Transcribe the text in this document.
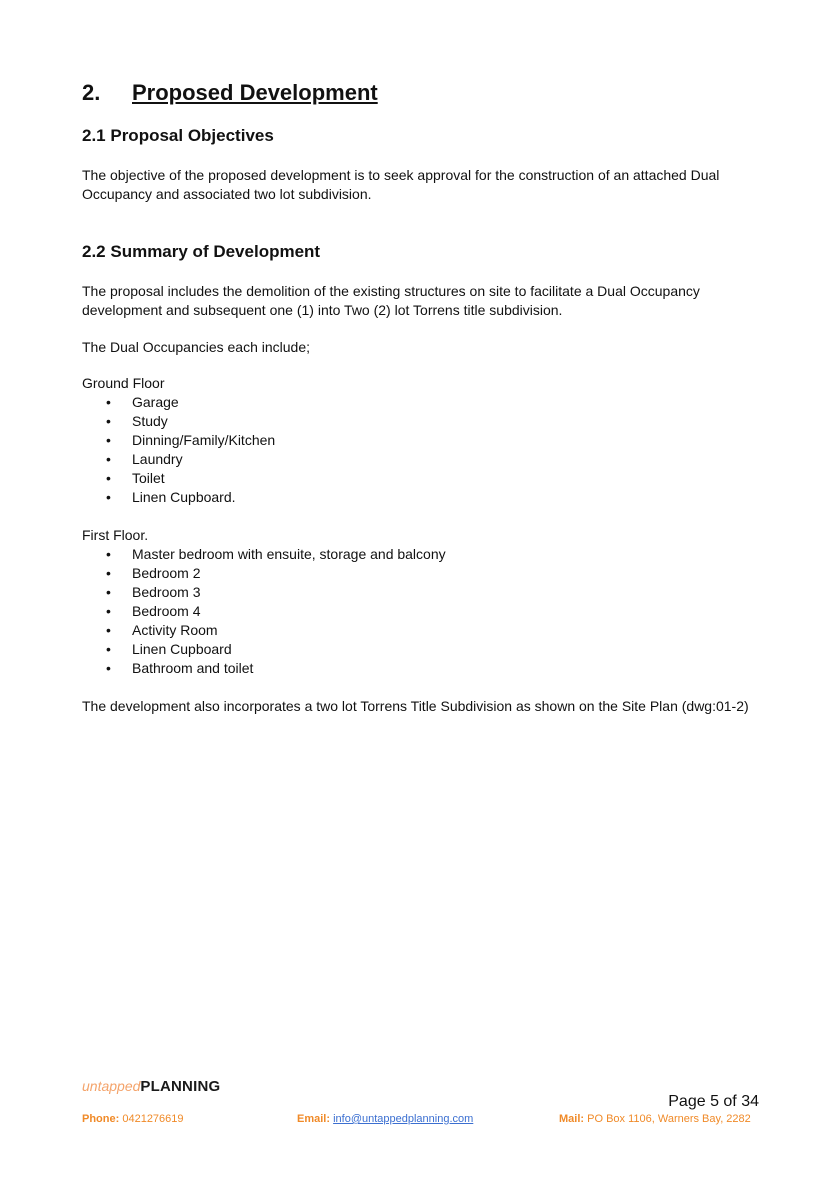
2. Proposed Development
2.1 Proposal Objectives

The objective of the proposed development is to seek approval for the construction of an attached Dual Occupancy and associated two lot subdivision.

2.2 Summary of Development

The proposal includes the demolition of the existing structures on site to facilitate a Dual Occupancy development and subsequent one (1) into Two (2) lot Torrens title subdivision.

The Dual Occupancies each include;

Ground Floor

• Garage
• Study
• Dinning/Family/Kitchen
• Laundry
• Toilet
• Linen Cupboard.

First Floor.

• Master bedroom with ensuite, storage and balcony
• Bedroom 2
• Bedroom 3
• Bedroom 4
• Activity Room
• Linen Cupboard
• Bathroom and toilet

The development also incorporates a two lot Torrens Title Subdivision as shown on the Site Plan (dwg:01-2)

untappedPLANNING
Page 5 of 34
Phone: 0421276619	Email: info@untappedplanning.com	Mail: PO Box 1106, Warners Bay, 2282
